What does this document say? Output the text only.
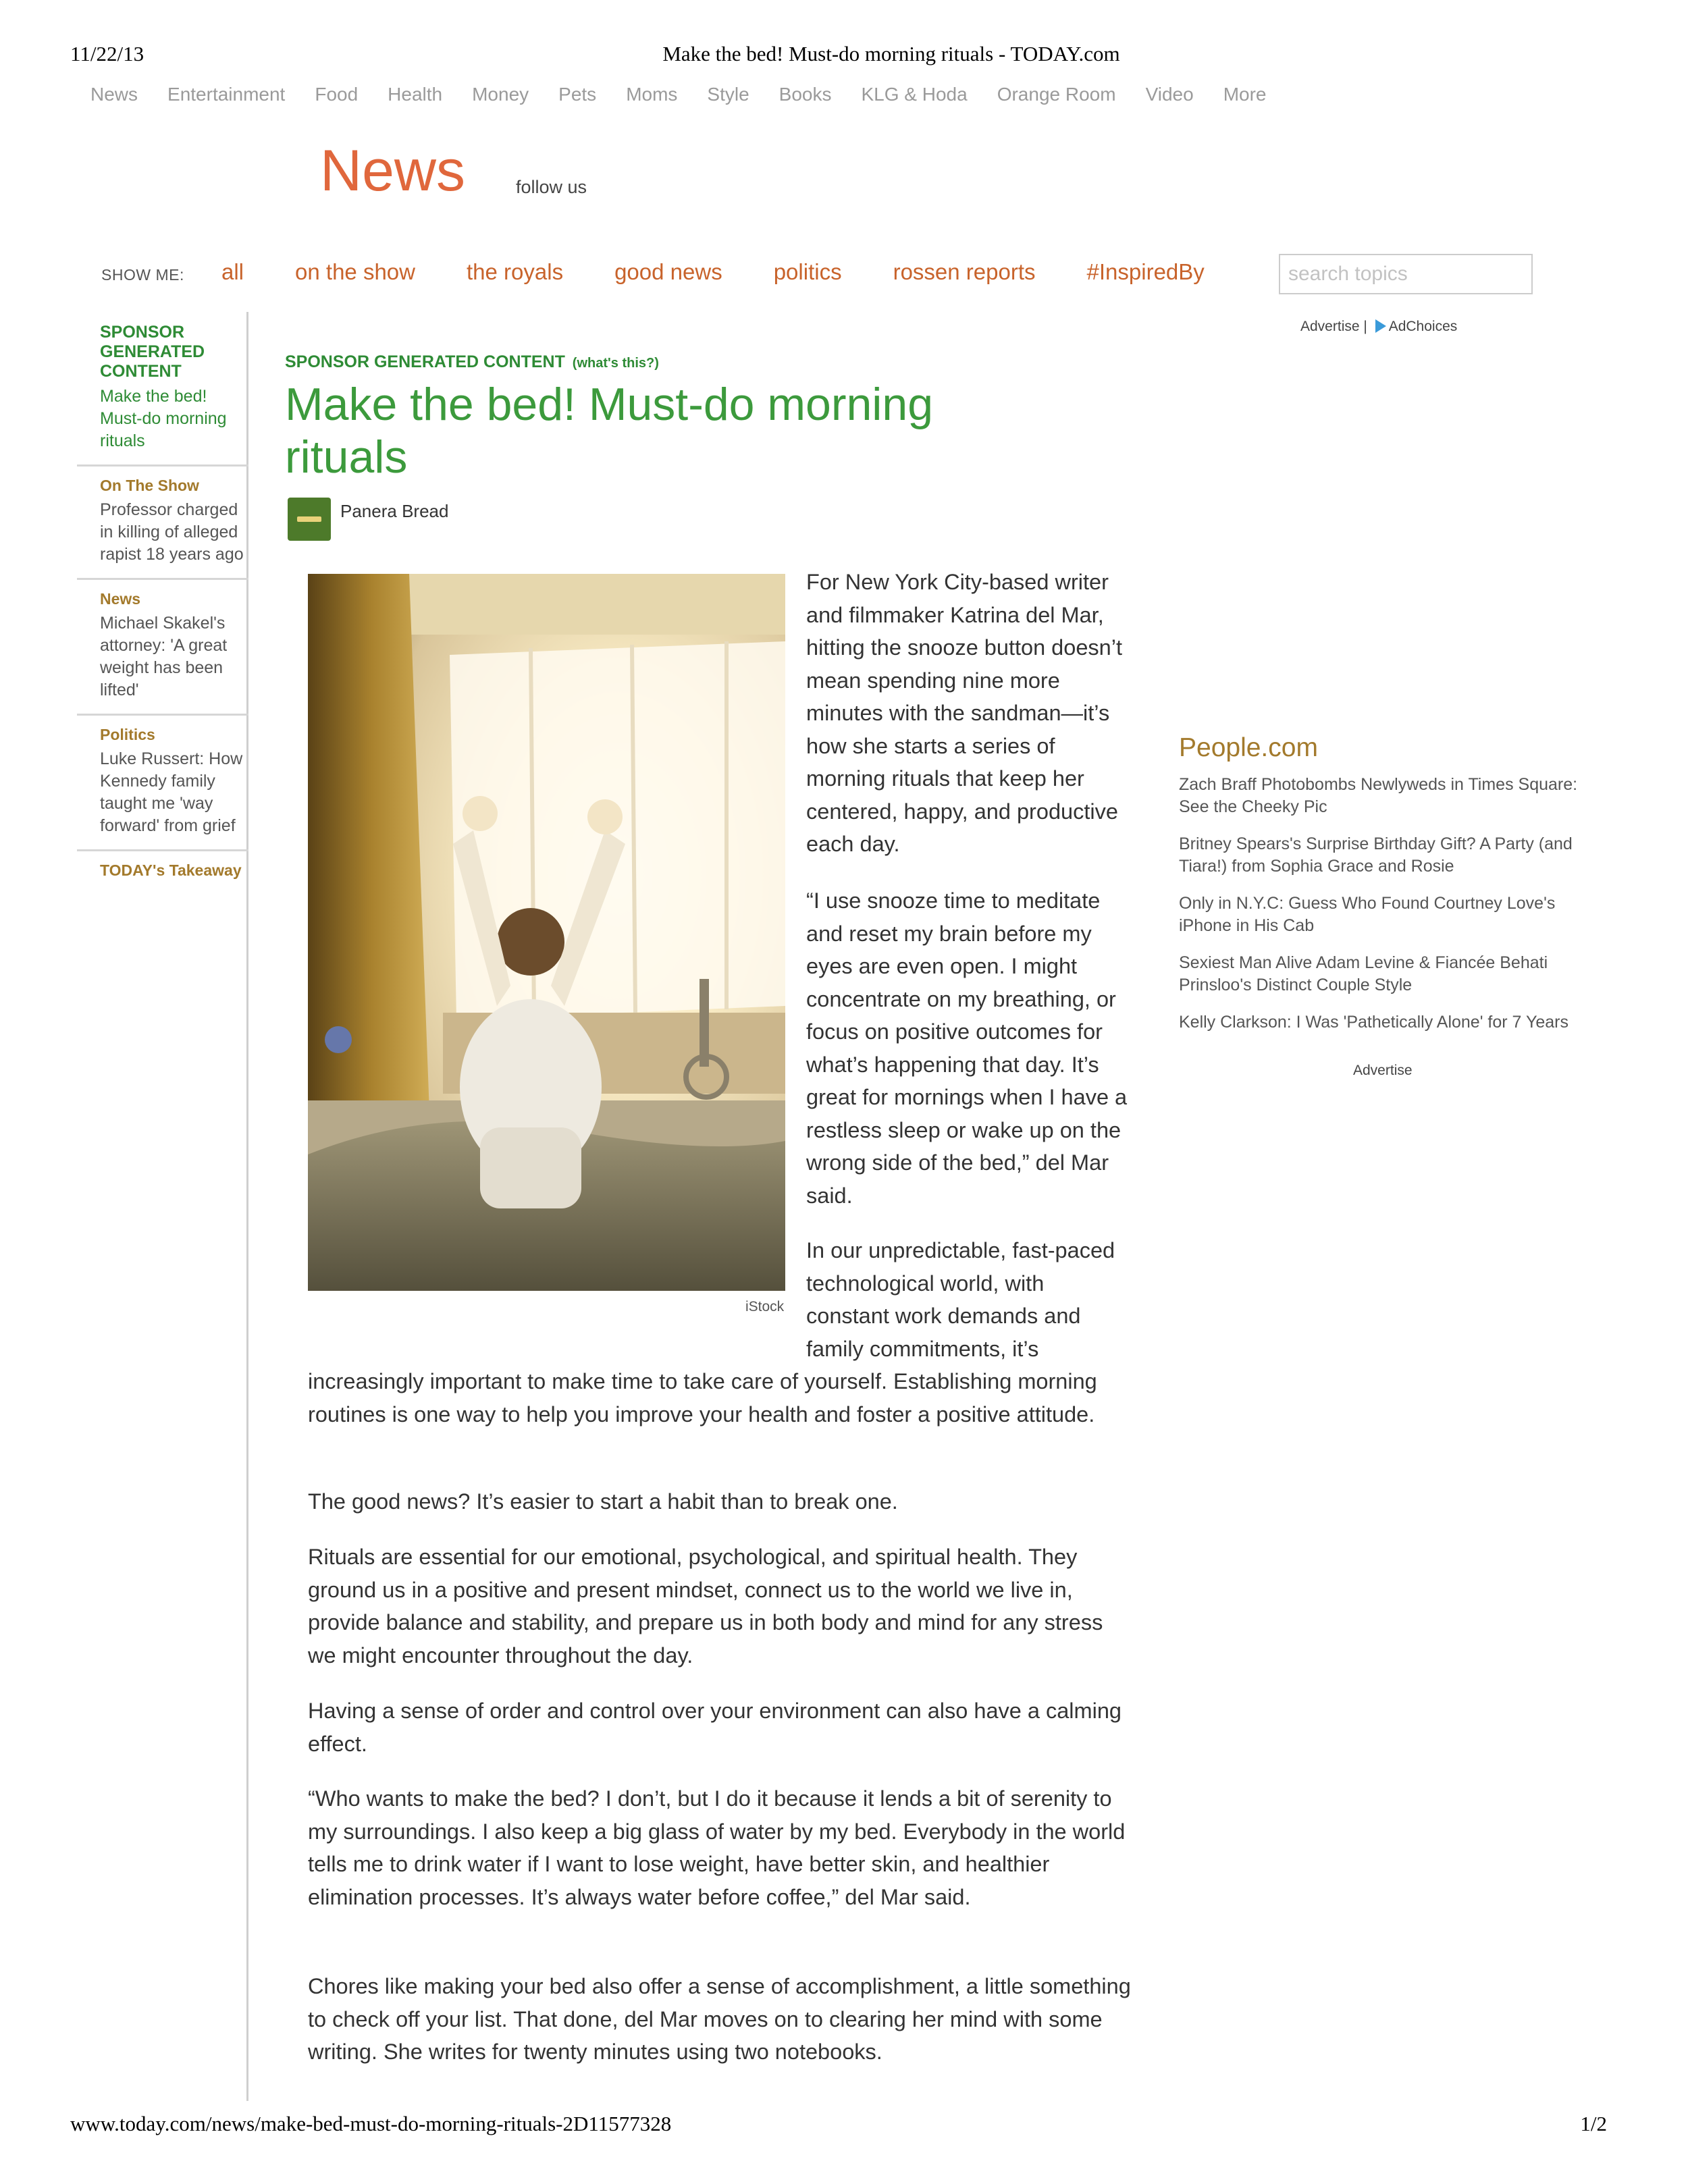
11/22/13	Make the bed! Must-do morning rituals - TODAY.com
News Entertainment Food Health Money Pets Moms Style Books KLG & Hoda Orange Room Video More
News	follow us
SHOW ME: all on the show the royals good news politics rossen reports #InspiredBy
search topics
SPONSOR GENERATED CONTENT
Make the bed! Must-do morning rituals
On The Show
Professor charged in killing of alleged rapist 18 years ago
News
Michael Skakel's attorney: 'A great weight has been lifted'
Politics
Luke Russert: How Kennedy family taught me 'way forward' from grief
TODAY's Takeaway
SPONSOR GENERATED CONTENT (what's this?)
Make the bed! Must-do morning rituals
Panera Bread
iStock

For New York City-based writer and filmmaker Katrina del Mar, hitting the snooze button doesn’t mean spending nine more minutes with the sandman—it’s how she starts a series of morning rituals that keep her centered, happy, and productive each day.

“I use snooze time to meditate and reset my brain before my eyes are even open. I might concentrate on my breathing, or focus on positive outcomes for what’s happening that day. It’s great for mornings when I have a restless sleep or wake up on the wrong side of the bed,” del Mar said.

In our unpredictable, fast-paced technological world, with constant work demands and family commitments, it’s

increasingly important to make time to take care of yourself. Establishing morning routines is one way to help you improve your health and foster a positive attitude.

The good news? It’s easier to start a habit than to break one.

Rituals are essential for our emotional, psychological, and spiritual health. They ground us in a positive and present mindset, connect us to the world we live in, provide balance and stability, and prepare us in both body and mind for any stress we might encounter throughout the day.

Having a sense of order and control over your environment can also have a calming effect.

“Who wants to make the bed? I don’t, but I do it because it lends a bit of serenity to my surroundings. I also keep a big glass of water by my bed. Everybody in the world tells me to drink water if I want to lose weight, have better skin, and healthier elimination processes. It’s always water before coffee,” del Mar said.

Chores like making your bed also offer a sense of accomplishment, a little something to check off your list. That done, del Mar moves on to clearing her mind with some writing. She writes for twenty minutes using two notebooks.

Advertise | AdChoices
People.com
Zach Braff Photobombs Newlyweds in Times Square: See the Cheeky Pic
Britney Spears's Surprise Birthday Gift? A Party (and Tiara!) from Sophia Grace and Rosie
Only in N.Y.C: Guess Who Found Courtney Love's iPhone in His Cab
Sexiest Man Alive Adam Levine & Fiancée Behati Prinsloo's Distinct Couple Style
Kelly Clarkson: I Was 'Pathetically Alone' for 7 Years
Advertise
www.today.com/news/make-bed-must-do-morning-rituals-2D11577328	1/2
